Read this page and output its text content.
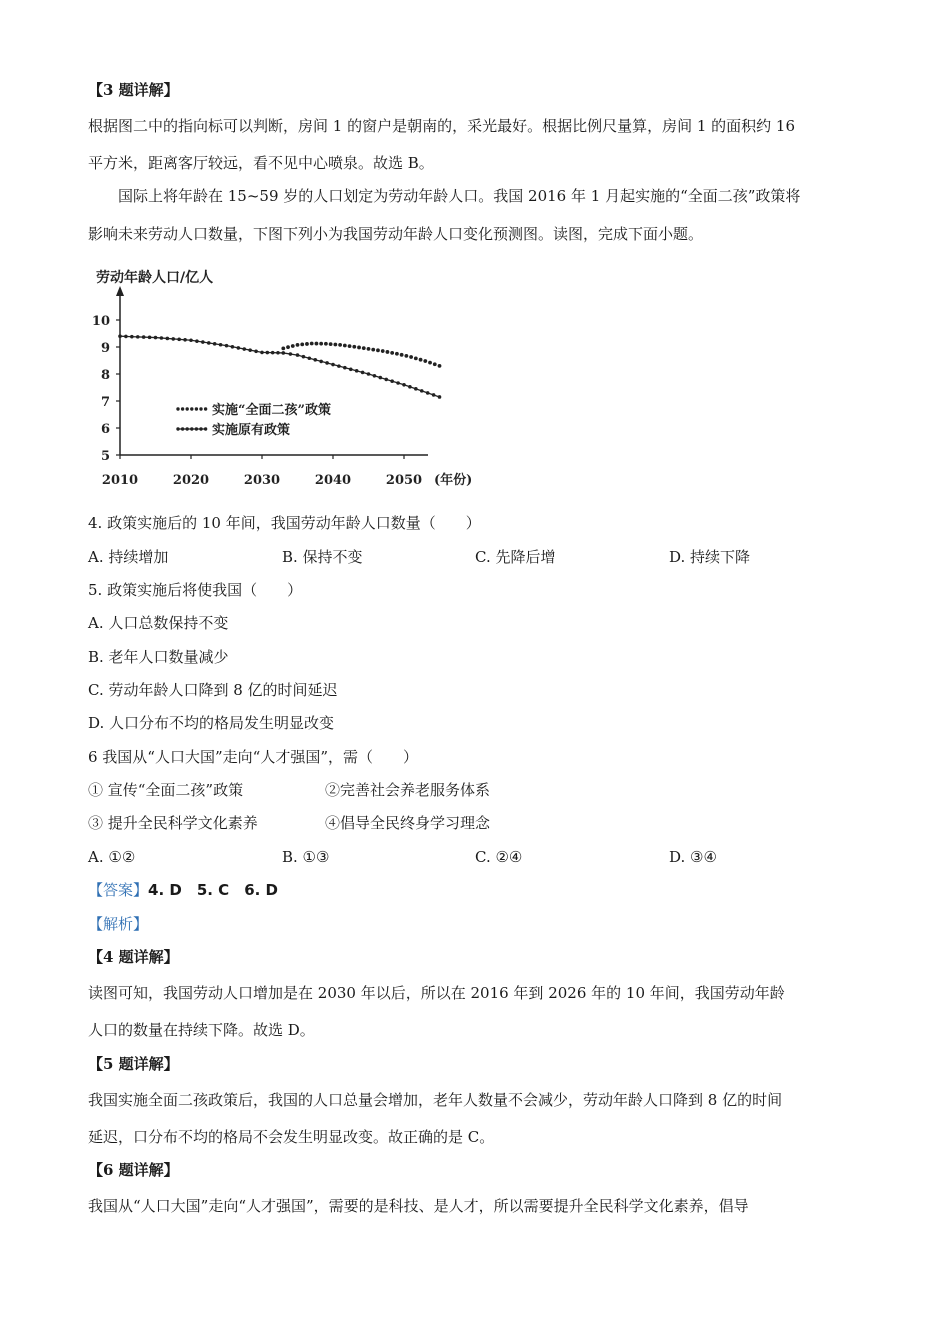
【3 题详解】
根据图二中的指向标可以判断，房间 1 的窗户是朝南的，采光最好。根据比例尺量算，房间 1 的面积约 16
平方米，距离客厅较远，看不见中心喷泉。故选 B。
国际上将年龄在 15~59 岁的人口划定为劳动年龄人口。我国 2016 年 1 月起实施的“全面二孩”政策将
影响未来劳动人口数量，下图下列小为我国劳动年龄人口变化预测图。读图，完成下面小题。
劳动年龄人口/亿人
5
6
7
8
9
10
2010	2020	2030	2040	2050 (年份)
实施“全面二孩”政策
实施原有政策
4. 政策实施后的 10 年间，我国劳动年龄人口数量（　　）
A. 持续增加	B. 保持不变	C. 先降后增	D. 持续下降
5. 政策实施后将使我国（　　）
A. 人口总数保持不变
B. 老年人口数量减少
C. 劳动年龄人口降到 8 亿的时间延迟
D. 人口分布不均的格局发生明显改变
6 我国从“人口大国”走向“人才强国”，需（　　）
① 宣传“全面二孩”政策	②完善社会养老服务体系
③ 提升全民科学文化素养	④倡导全民终身学习理念
A. ①②	B. ①③	C. ②④	D. ③④
【答案】4. D　5. C　6. D
【解析】
【4 题详解】
读图可知，我国劳动人口增加是在 2030 年以后，所以在 2016 年到 2026 年的 10 年间，我国劳动年龄
人口的数量在持续下降。故选 D。
【5 题详解】
我国实施全面二孩政策后，我国的人口总量会增加，老年人数量不会减少，劳动年龄人口降到 8 亿的时间
延迟，口分布不均的格局不会发生明显改变。故正确的是 C。
【6 题详解】
我国从“人口大国”走向“人才强国”，需要的是科技、是人才，所以需要提升全民科学文化素养，倡导
